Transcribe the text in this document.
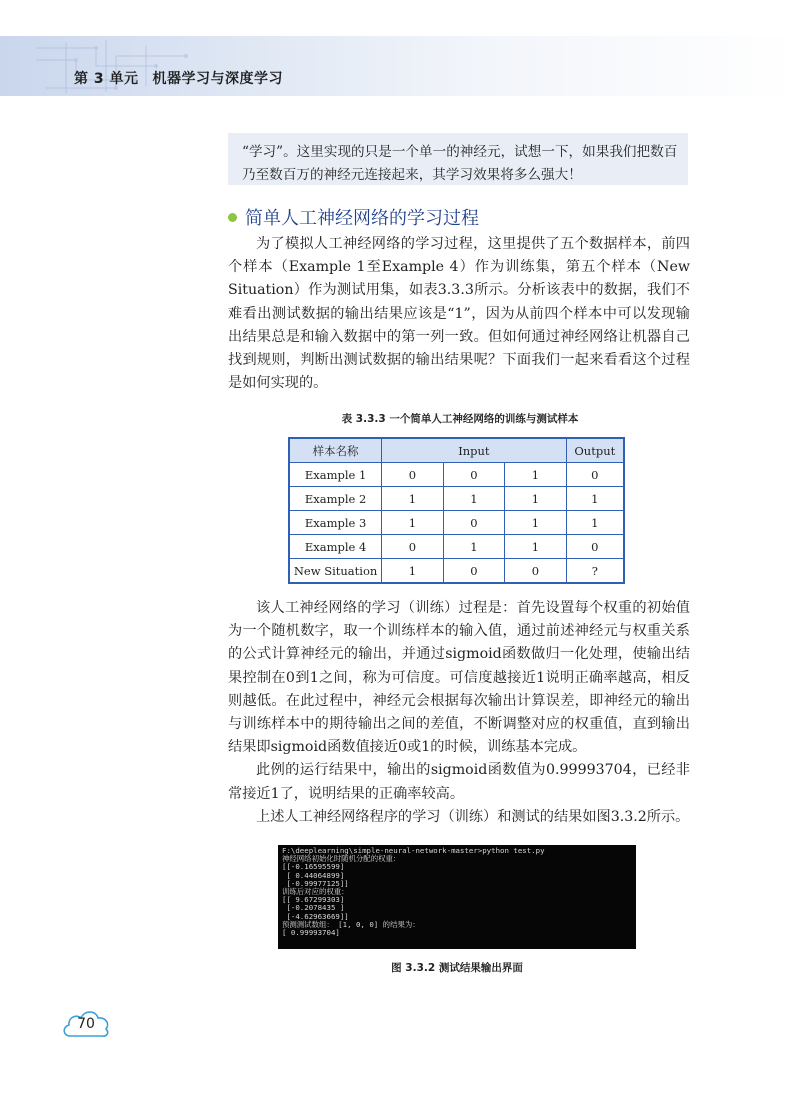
第 3 单元 机器学习与深度学习
“学习”。这里实现的只是一个单一的神经元，试想一下，如果我们把数百乃至数百万的神经元连接起来，其学习效果将多么强大！
简单人工神经网络的学习过程

为了模拟人工神经网络的学习过程，这里提供了五个数据样本，前四个样本（Example 1至Example 4）作为训练集，第五个样本（New Situation）作为测试用集，如表3.3.3所示。分析该表中的数据，我们不难看出测试数据的输出结果应该是“1”，因为从前四个样本中可以发现输出结果总是和输入数据中的第一列一致。但如何通过神经网络让机器自己找到规则，判断出测试数据的输出结果呢？下面我们一起来看看这个过程是如何实现的。

表 3.3.3 一个简单人工神经网络的训练与测试样本
样本名称	Input			Output
Example 1	0	0	1	0
Example 2	1	1	1	1
Example 3	1	0	1	1
Example 4	0	1	1	0
New Situation	1	0	0	?

该人工神经网络的学习（训练）过程是：首先设置每个权重的初始值为一个随机数字，取一个训练样本的输入值，通过前述神经元与权重关系的公式计算神经元的输出，并通过sigmoid函数做归一化处理，使输出结果控制在0到1之间，称为可信度。可信度越接近1说明正确率越高，相反则越低。在此过程中，神经元会根据每次输出计算误差，即神经元的输出与训练样本中的期待输出之间的差值，不断调整对应的权重值，直到输出结果即sigmoid函数值接近0或1的时候，训练基本完成。

此例的运行结果中，输出的sigmoid函数值为0.99993704，已经非常接近1了，说明结果的正确率较高。

上述人工神经网络程序的学习（训练）和测试的结果如图3.3.2所示。

F:\deeplearning\simple-neural-network-master>python test.py
神经网络初始化时随机分配的权重：
[[-0.16595599]
[ 0.44064899]
[-0.99977125]]
训练后对应的权重：
[[ 9.67299303]
[-0.2078435 ]
[-4.62963669]]
预测测试数组： [1, 0, 0] 的结果为：
[ 0.99993704]
图 3.3.2 测试结果输出界面
70
